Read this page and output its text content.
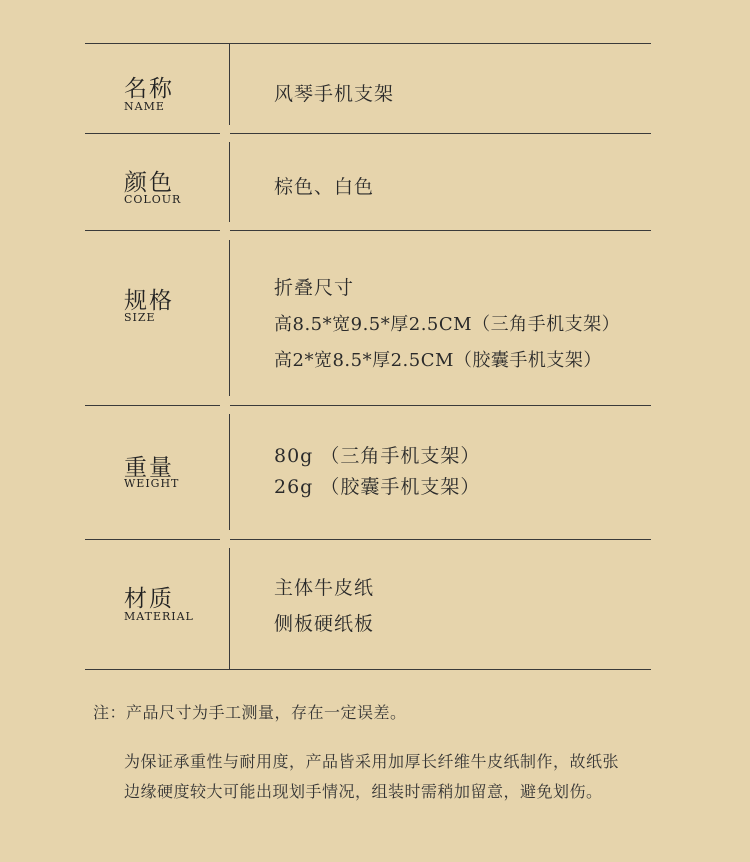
名称
NAME
风琴手机支架
颜色
COLOUR
棕色、白色
规格
SIZE
折叠尺寸
高8.5*宽9.5*厚2.5CM（三角手机支架）
高2*宽8.5*厚2.5CM（胶囊手机支架）
重量
WEIGHT
80g （三角手机支架）
26g （胶囊手机支架）
材质
MATERIAL
主体牛皮纸
侧板硬纸板
注：产品尺寸为手工测量，存在一定误差。
为保证承重性与耐用度，产品皆采用加厚长纤维牛皮纸制作，故纸张
边缘硬度较大可能出现划手情况，组装时需稍加留意，避免划伤。
